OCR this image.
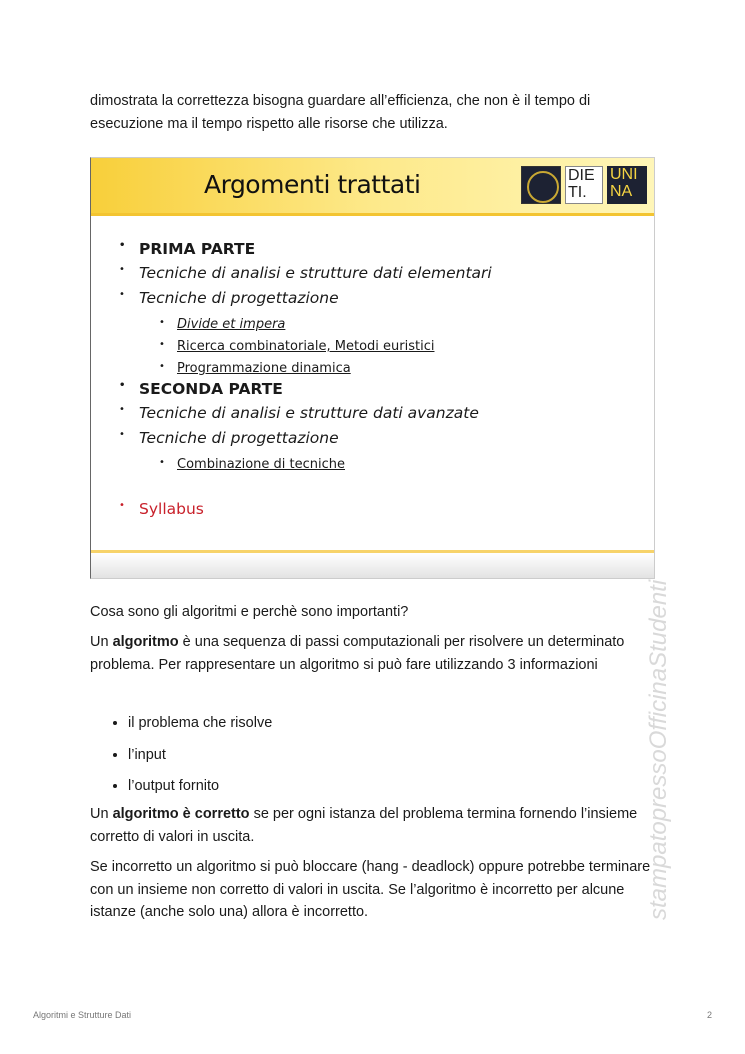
dimostrata la correttezza bisogna guardare all’efficienza, che non è il tempo di esecuzione ma il tempo rispetto alle risorse che utilizza.

Argomenti trattati	DIE TI.
UNI NA
• PRIMA PARTE
• Tecniche di analisi e strutture dati elementari
• Tecniche di progettazione
• Divide et impera
• Ricerca combinatoriale, Metodi euristici
• Programmazione dinamica
• SECONDA PARTE
• Tecniche di analisi e strutture dati avanzate
• Tecniche di progettazione
• Combinazione di tecniche
• Syllabus

Cosa sono gli algoritmi e perchè sono importanti?

Un algoritmo è una sequenza di passi computazionali per risolvere un determinato problema. Per rappresentare un algoritmo si può fare utilizzando 3 informazioni

• il problema che risolve
• l’input
• l’output fornito

Un algoritmo è corretto se per ogni istanza del problema termina fornendo l’insieme corretto di valori in uscita.

Se incorretto un algoritmo si può bloccare (hang - deadlock) oppure potrebbe terminare con un insieme non corretto di valori in uscita. Se l’algoritmo è incorretto per alcune istanze (anche solo una) allora è incorretto.	stampatopressoOfficinaStudenti
Algoritmi e Strutture Dati	2
